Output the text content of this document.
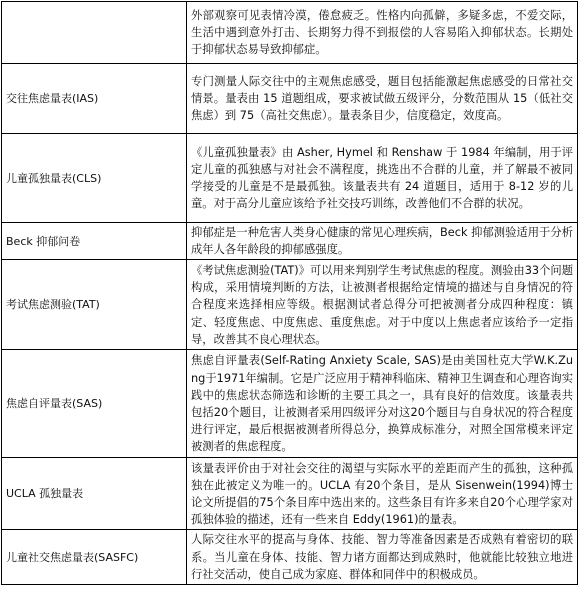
	外部观察可见表情冷漠，倦怠疲乏。性格内向孤僻，多疑多虑，不爱交际，生活中遇到意外打击、长期努力得不到报偿的人容易陷入抑郁状态。长期处于抑郁状态易导致抑郁症。
交往焦虑量表(IAS)	专门测量人际交往中的主观焦虑感受，题目包括能激起焦虑感受的日常社交情景。量表由 15 道题组成，要求被试做五级评分，分数范围从 15（低社交焦虑）到 75（高社交焦虑）。量表条目少，信度稳定，效度高。
儿童孤独量表(CLS)	《儿童孤独量表》由 Asher, Hymel 和 Renshaw 于 1984 年编制，用于评定儿童的孤独感与对社会不满程度，挑选出不合群的儿童，并了解最不被同学接受的儿童是不是最孤独。该量表共有 24 道题目，适用于 8-12 岁的儿童。对于高分儿童应该给予社交技巧训练，改善他们不合群的状况。
Beck 抑郁问卷	抑郁症是一种危害人类身心健康的常见心理疾病，Beck 抑郁测验适用于分析成年人各年龄段的抑郁感强度。
考试焦虑测验(TAT)	《考试焦虑测验(TAT)》可以用来判别学生考试焦虑的程度。测验由33个问题构成，采用情境判断的方法，让被测者根据给定情境的描述与自身情况的符合程度来选择相应等级。根据测试者总得分可把被测者分成四种程度：镇定、轻度焦虑、中度焦虑、重度焦虑。对于中度以上焦虑者应该给予一定指导，改善其不良心理状态。
焦虑自评量表(SAS)	焦虑自评量表(Self-Rating Anxiety Scale, SAS)是由美国杜克大学W.K.Zung于1971年编制。它是广泛应用于精神科临床、精神卫生调查和心理咨询实践中的焦虑状态筛选和诊断的主要工具之一，具有良好的信效度。该量表共包括20个题目，让被测者采用四级评分对这20个题目与自身状况的符合程度进行评定，最后根据被测者所得总分，换算成标准分，对照全国常模来评定被测者的焦虑程度。
UCLA 孤独量表	该量表评价由于对社会交往的渴望与实际水平的差距而产生的孤独，这种孤独在此被定义为唯一的。UCLA 有20个条目，是从 Sisenwein(1994)博士论文所提倡的75个条目库中选出来的。这些条目有许多来自20个心理学家对孤独体验的描述，还有一些来自 Eddy(1961)的量表。
儿童社交焦虑量表(SASFC)	人际交往水平的提高与身体、技能、智力等准备因素是否成熟有着密切的联系。当儿童在身体、技能、智力诸方面都达到成熟时，他就能比较独立地进行社交活动，使自己成为家庭、群体和同伴中的积极成员。
